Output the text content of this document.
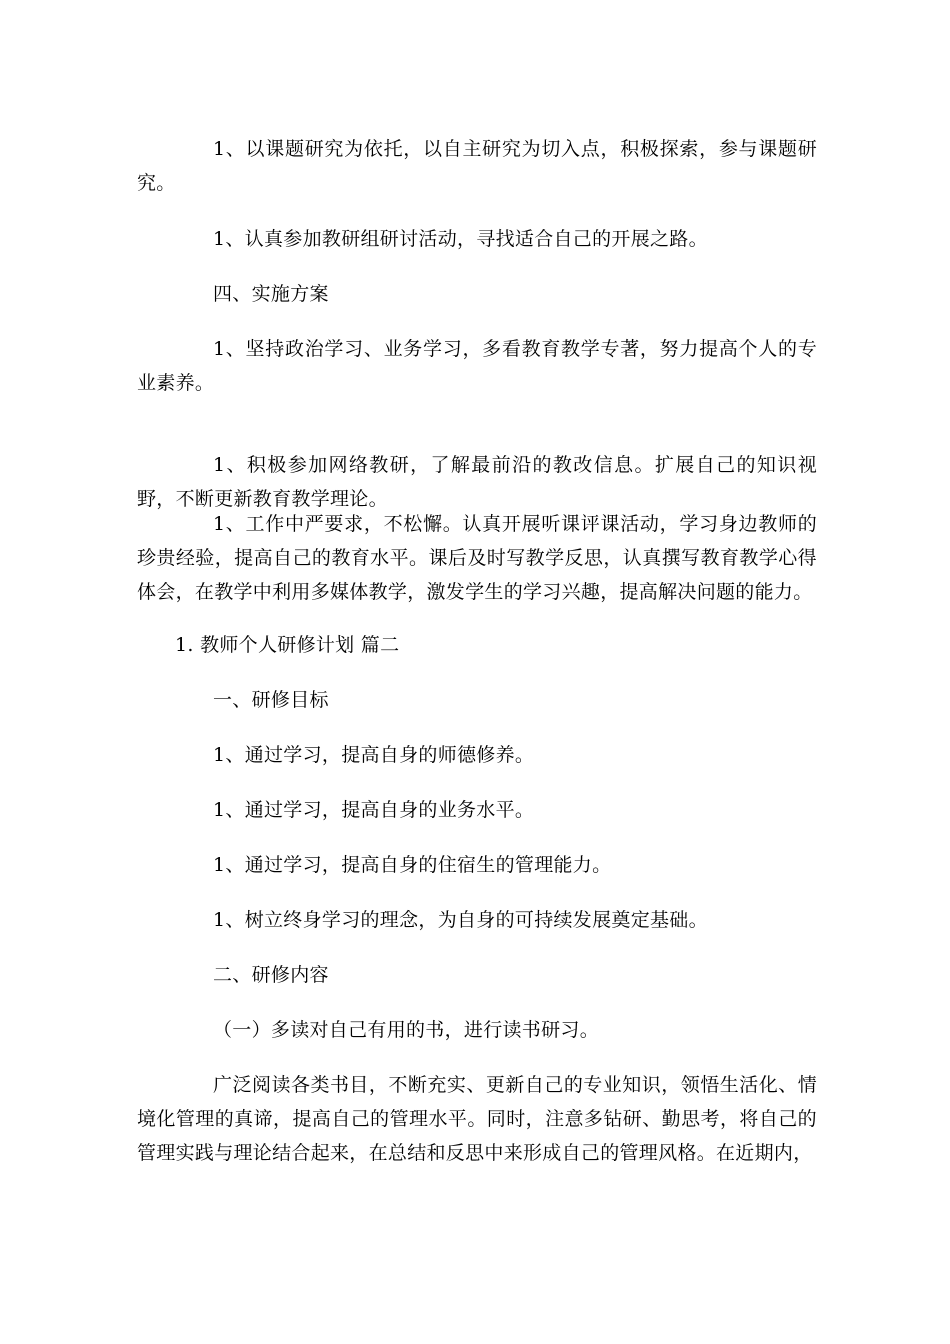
1、以课题研究为依托，以自主研究为切入点，积极探索，参与课题研究。

1、认真参加教研组研讨活动，寻找适合自己的开展之路。

四、实施方案

1、坚持政治学习、业务学习，多看教育教学专著，努力提高个人的专业素养。

1、积极参加网络教研，了解最前沿的教改信息。扩展自己的知识视野，不断更新教育教学理论。

1、工作中严要求，不松懈。认真开展听课评课活动，学习身边教师的珍贵经验，提高自己的教育水平。课后及时写教学反思，认真撰写教育教学心得体会，在教学中利用多媒体教学，激发学生的学习兴趣，提高解决问题的能力。

1. 教师个人研修计划 篇二

一、研修目标

1、通过学习，提高自身的师德修养。

1、通过学习，提高自身的业务水平。

1、通过学习，提高自身的住宿生的管理能力。

1、树立终身学习的理念，为自身的可持续发展奠定基础。

二、研修内容

（一）多读对自己有用的书，进行读书研习。

广泛阅读各类书目，不断充实、更新自己的专业知识，领悟生活化、情境化管理的真谛，提高自己的管理水平。同时，注意多钻研、勤思考，将自己的管理实践与理论结合起来，在总结和反思中来形成自己的管理风格。在近期内，
